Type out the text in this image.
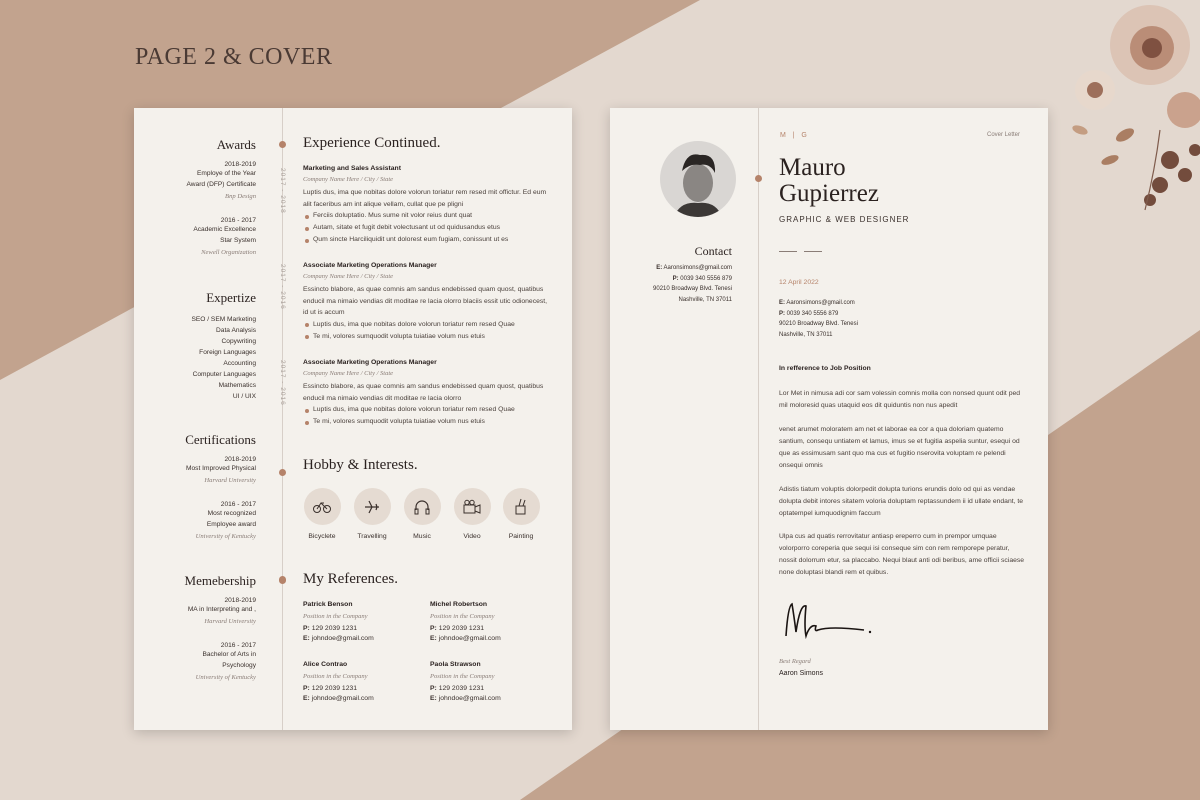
PAGE 2 & COVER
Awards
2018-2019
Employe of the Year
Award (DFP) Certificate
Bnp Design
2016 - 2017
Academic Excellence
Star System
Newell Organization
Expertize
SEO / SEM Marketing
Data Analysis
Copywriting
Foreign Languages
Accounting
Computer Languages
Mathematics
UI / UIX
Certifications
2018-2019
Most Improved Physical
Harvard University
2016 - 2017
Most recognized
Employee award
University of Kentucky
Memebership
2018-2019
MA in Interpreting and ,
Harvard University
2016 - 2017
Bachelor of Arts in
Psychology
University of Kentucky
2017 - 2018
2017 - 2016
2017 - 2016
Experience Continued.
Marketing and Sales Assistant
Company Name Here / City / State
Luptis dus, ima que nobitas dolore volorun toriatur rem resed mit offictur. Ed eum alit faceribus am int alique vellam, cullat que pe pligni
Ferciis doluptatio. Mus sume nit volor reius dunt quat
Autam, sitate et fugit debit volectusant ut od quidusandus etus
Qum sincte Harciliquidit unt dolorest eum fugiam, conissunt ut es
Associate Marketing Operations Manager
Company Name Here / City / State
Essincto blabore, as quae comnis am sandus endebissed quam quost, quatibus enducil ma nimaio vendias dit moditae re lacia olorro blaciis essit utic odionecest, id ut is accum
Luptis dus, ima que nobitas dolore volorun toriatur rem resed Quae
Te mi, volores sumquodit volupta tuiatiae volum nus etuis
Associate Marketing Operations Manager
Company Name Here / City / State
Essincto blabore, as quae comnis am sandus endebissed quam quost, quatibus enducil ma nimaio vendias dit moditae re lacia olorro
Luptis dus, ima que nobitas dolore volorun toriatur rem resed Quae
Te mi, volores sumquodit volupta tuiatiae volum nus etuis
Hobby & Interests.
Bicyclete	Travelling	Music	Video	Painting
My References.
Patrick Benson
Position in the Company
P: 129 2039 1231
E: johndoe@gmail.com
Michel Robertson
Position in the Company
P: 129 2039 1231
E: johndoe@gmail.com
Alice Contrao
Position in the Company
P: 129 2039 1231
E: johndoe@gmail.com
Paola Strawson
Position in the Company
P: 129 2039 1231
E: johndoe@gmail.com
Contact
E: Aaronsimons@gmail.com
P: 0039 340 5556 879
90210 Broadway Blvd. Tenesi
Nashville, TN 37011
M  |  G	Cover Letter
Mauro
Gupierrez
GRAPHIC & WEB DESIGNER
12 April 2022
E: Aaronsimons@gmail.com
P: 0039 340 5556 879
90210 Broadway Blvd. Tenesi
Nashville, TN 37011
In refference to Job Position
Lor Met in nimusa adi cor sam volessin comnis molla con nonsed quunt odit ped mil moloresid quas utaquid eos dit quiduntis non nus apedit
venet arumet moloratem am net et laborae ea cor a qua doloriam quatemo santium, consequ untiatem et lamus, imus se et fugitia aspelia suntur, esequi od que as essimusam sant quo ma cus et fugitio nserovita voluptam re pelendi onsequi omnis
Adistis tiatum voluptis dolorpedit dolupta turions erundis dolo od qui as vendae dolupta debit intores sitatem voloria doluptam reptassundem ii id ullate endant, te optatempel iumquodignim faccum
Ulpa cus ad quatis rerrovitatur antiasp ereperro cum in prempor umquae volorporro coreperia que sequi isi conseque sim con rem remporepe peratur, nossit dolorrum etur, sa placcabo. Nequi blaut anti odi beribus, ame officii sciaese none doluptasi blandi rem et quibus.
Best Regard
Aaron Simons
